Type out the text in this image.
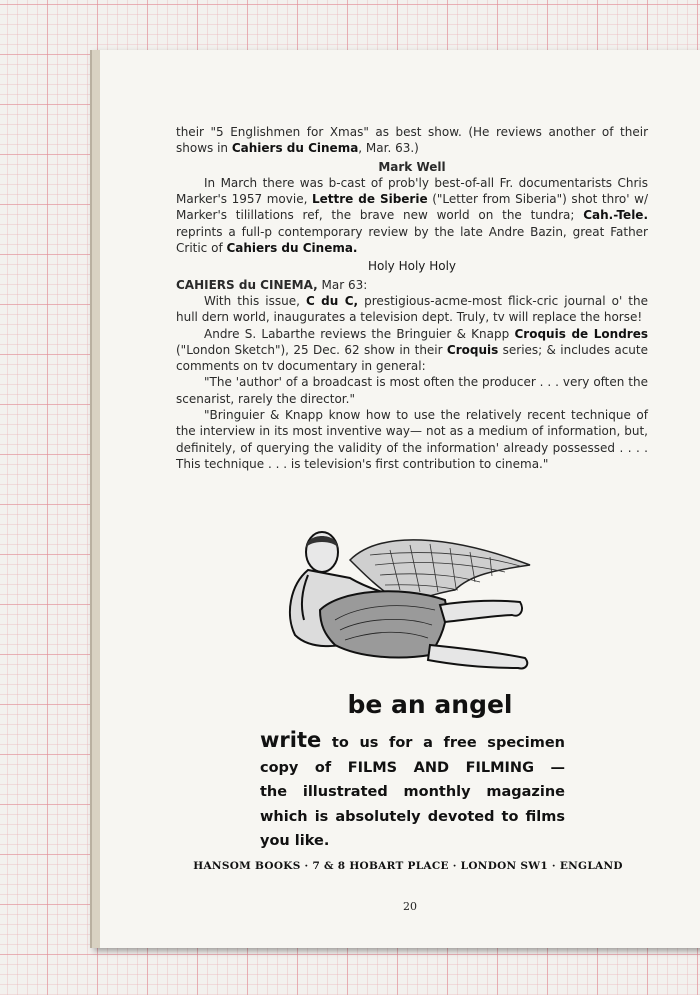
their "5 Englishmen for Xmas" as best show. (He reviews another of their shows in Cahiers du Cinema, Mar. 63.)

Mark Well

In March there was b-cast of prob'ly best-of-all Fr. documentarists Chris Marker's 1957 movie, Lettre de Siberie ("Letter from Siberia") shot thro' w/ Marker's tilillations ref, the brave new world on the tundra; Cah.-Tele. reprints a full-p contemporary review by the late Andre Bazin, great Father Critic of Cahiers du Cinema.

Holy Holy Holy

CAHIERS du CINEMA, Mar 63:

With this issue, C du C, prestigious-acme-most flick-cric journal o' the hull dern world, inaugurates a television dept. Truly, tv will replace the horse!

Andre S. Labarthe reviews the Bringuier & Knapp Croquis de Londres ("London Sketch"), 25 Dec. 62 show in their Croquis series; & includes acute comments on tv documentary in general:

"The 'author' of a broadcast is most often the producer . . . very often the scenarist, rarely the director."

"Bringuier & Knapp know how to use the relatively recent technique of the interview in its most inventive way— not as a medium of information, but, definitely, of querying the validity of the information' already possessed . . . . This technique . . . is television's first contribution to cinema."

be an angel
write to us for a free specimen
copy of FILMS AND FILMING —
the illustrated monthly magazine
which is absolutely devoted to films
you like.
HANSOM BOOKS · 7 & 8 HOBART PLACE · LONDON SW1 · ENGLAND
20
